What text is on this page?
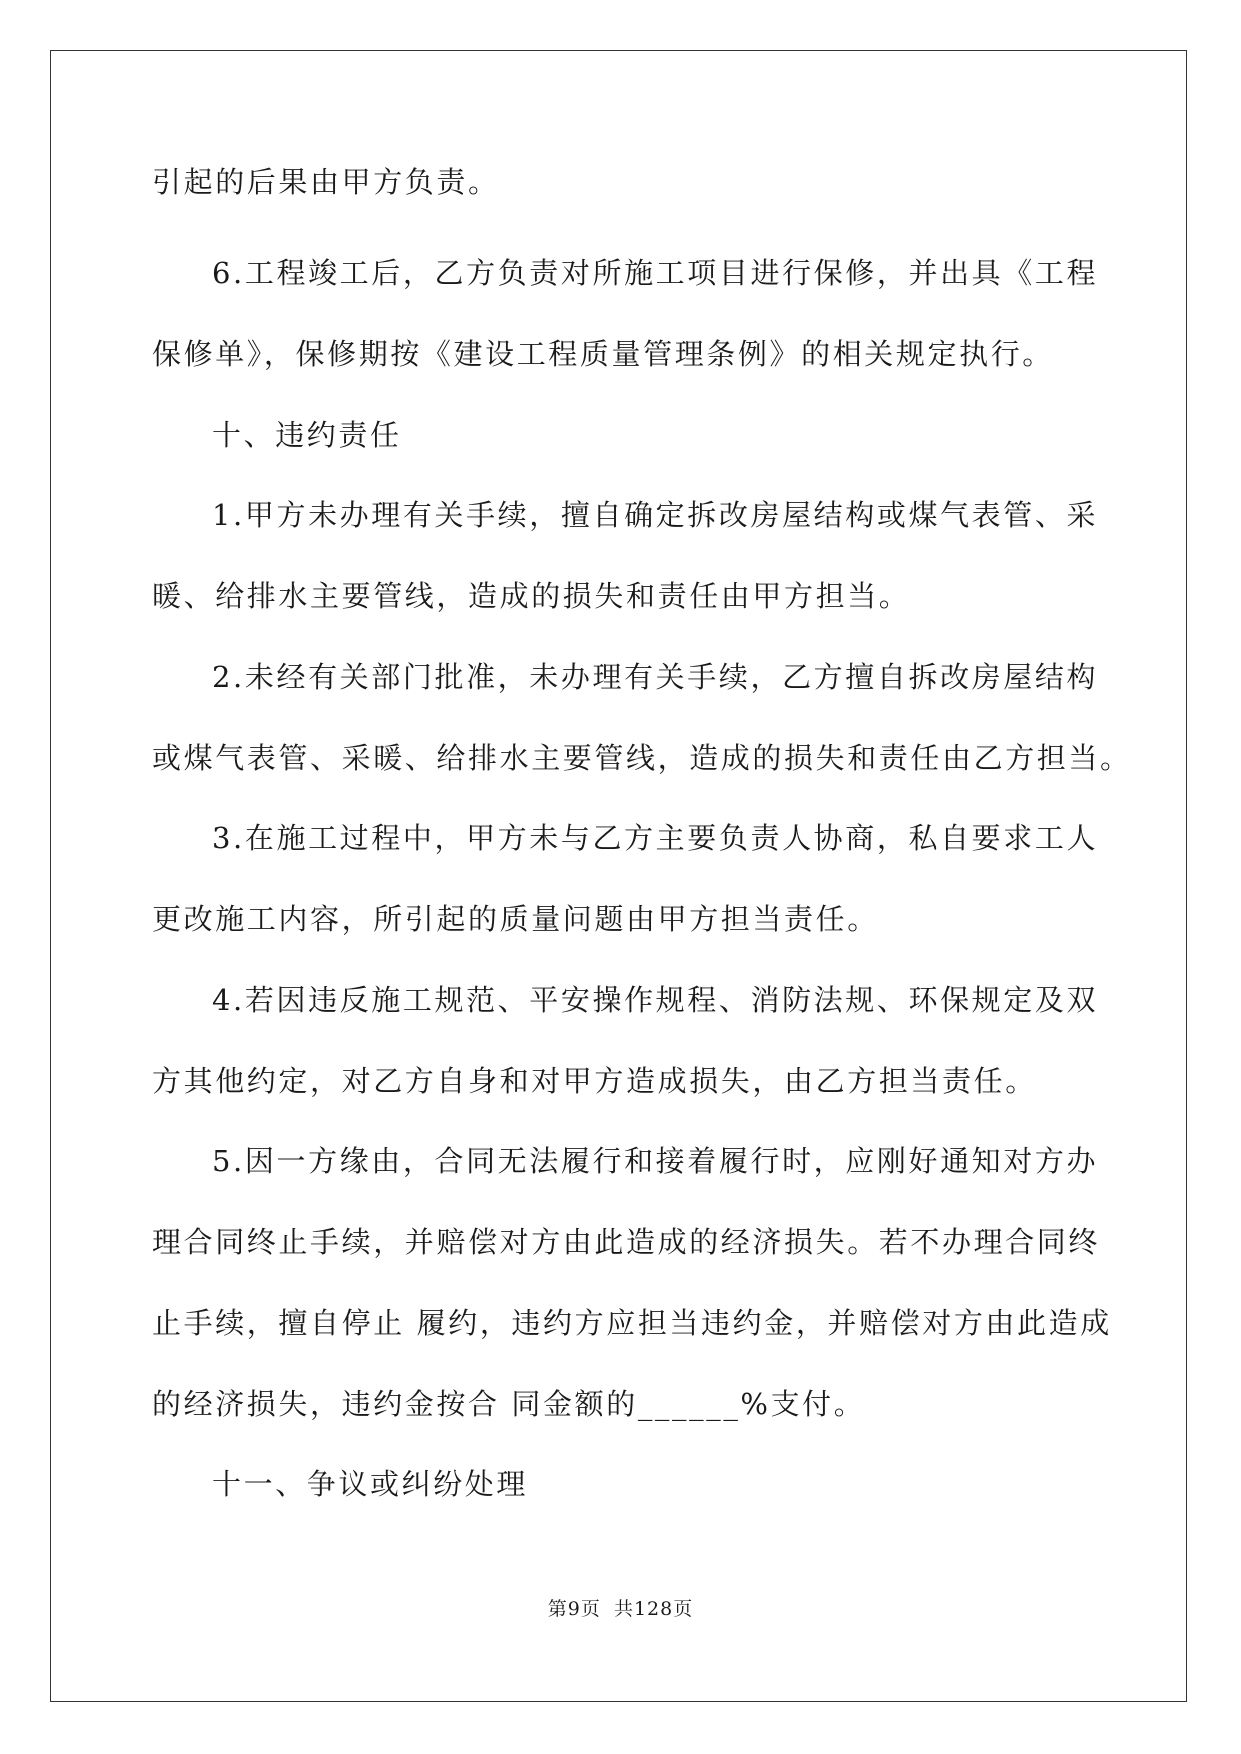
引起的后果由甲方负责。
6.工程竣工后，乙方负责对所施工项目进行保修，并出具《工程
保修单》，保修期按《建设工程质量管理条例》的相关规定执行。
十、违约责任
1.甲方未办理有关手续，擅自确定拆改房屋结构或煤气表管、采
暖、给排水主要管线，造成的损失和责任由甲方担当。
2.未经有关部门批准，未办理有关手续，乙方擅自拆改房屋结构
或煤气表管、采暖、给排水主要管线，造成的损失和责任由乙方担当。
3.在施工过程中，甲方未与乙方主要负责人协商，私自要求工人
更改施工内容，所引起的质量问题由甲方担当责任。
4.若因违反施工规范、平安操作规程、消防法规、环保规定及双
方其他约定，对乙方自身和对甲方造成损失，由乙方担当责任。
5.因一方缘由，合同无法履行和接着履行时，应刚好通知对方办
理合同终止手续，并赔偿对方由此造成的经济损失。若不办理合同终
止手续，擅自停止 履约，违约方应担当违约金，并赔偿对方由此造成
的经济损失，违约金按合 同金额的______%支付。
十一、争议或纠纷处理
第9页 共128页
